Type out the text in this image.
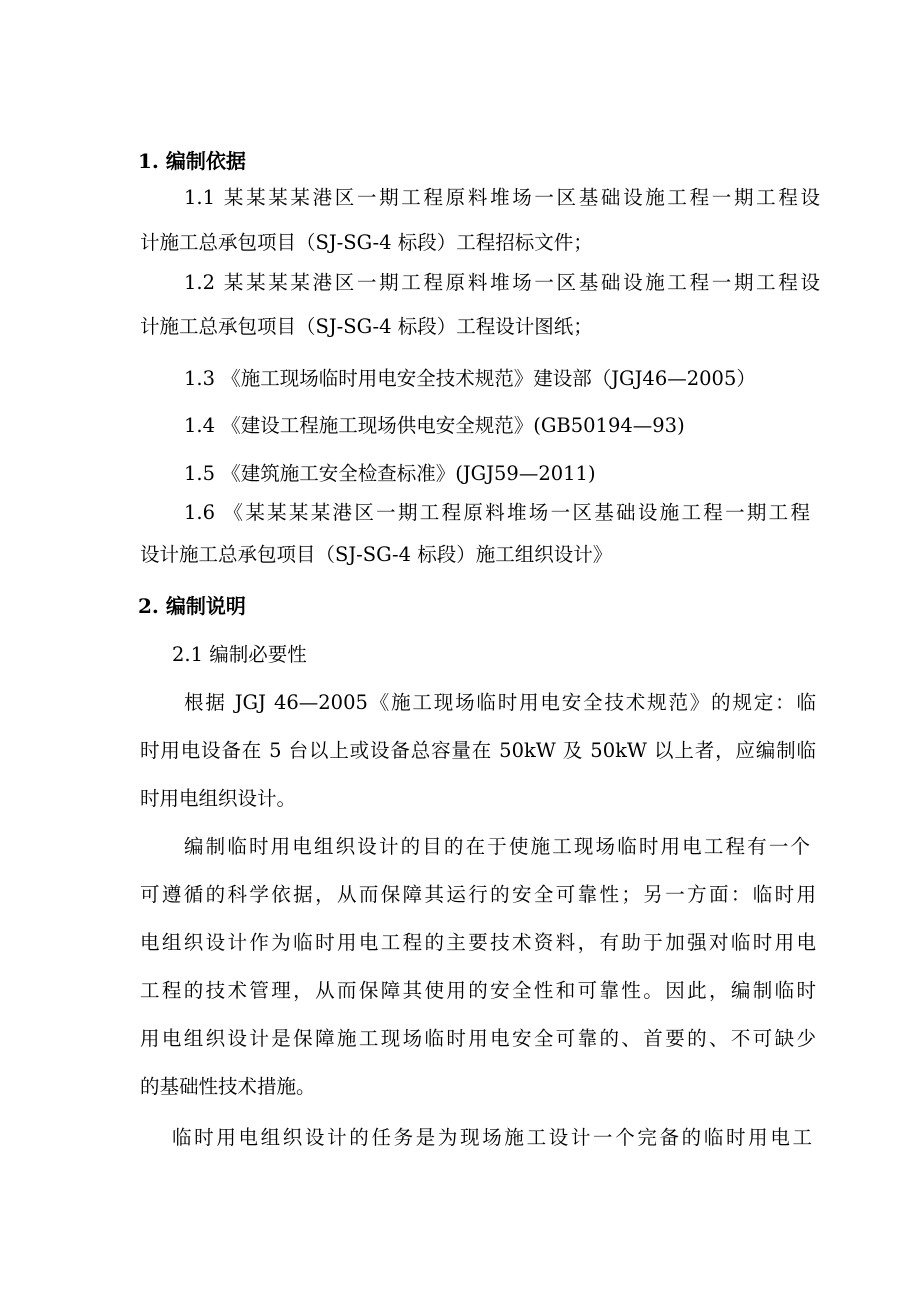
1. 编制依据
1.1 某某某某港区一期工程原料堆场一区基础设施工程一期工程设
计施工总承包项目（SJ-SG-4 标段）工程招标文件；
1.2 某某某某港区一期工程原料堆场一区基础设施工程一期工程设
计施工总承包项目（SJ-SG-4 标段）工程设计图纸；
1.3 《施工现场临时用电安全技术规范》建设部（JGJ46—2005）
1.4 《建设工程施工现场供电安全规范》(GB50194—93)
1.5 《建筑施工安全检查标准》(JGJ59—2011)
1.6 《某某某某港区一期工程原料堆场一区基础设施工程一期工程
设计施工总承包项目（SJ-SG-4 标段）施工组织设计》
2. 编制说明
2.1 编制必要性
根据 JGJ 46—2005《施工现场临时用电安全技术规范》的规定：临
时用电设备在 5 台以上或设备总容量在 50kW 及 50kW 以上者，应编制临
时用电组织设计。
编制临时用电组织设计的目的在于使施工现场临时用电工程有一个
可遵循的科学依据，从而保障其运行的安全可靠性；另一方面：临时用
电组织设计作为临时用电工程的主要技术资料，有助于加强对临时用电
工程的技术管理，从而保障其使用的安全性和可靠性。因此，编制临时
用电组织设计是保障施工现场临时用电安全可靠的、首要的、不可缺少
的基础性技术措施。
临时用电组织设计的任务是为现场施工设计一个完备的临时用电工
